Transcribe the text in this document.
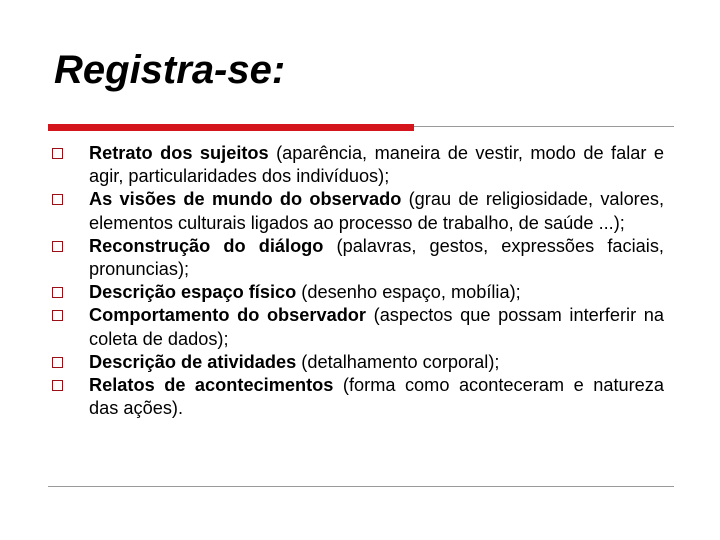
Registra-se:
Retrato dos sujeitos (aparência, maneira de vestir, modo de falar e agir, particularidades dos indivíduos);
As visões de mundo do observado (grau de religiosidade, valores, elementos culturais ligados ao processo de trabalho, de saúde ...);
Reconstrução do diálogo (palavras, gestos, expressões faciais, pronuncias);
Descrição espaço físico (desenho espaço, mobília);
Comportamento do observador (aspectos que possam interferir na coleta de dados);
Descrição de atividades (detalhamento corporal);
Relatos de acontecimentos (forma como aconteceram e natureza das ações).
